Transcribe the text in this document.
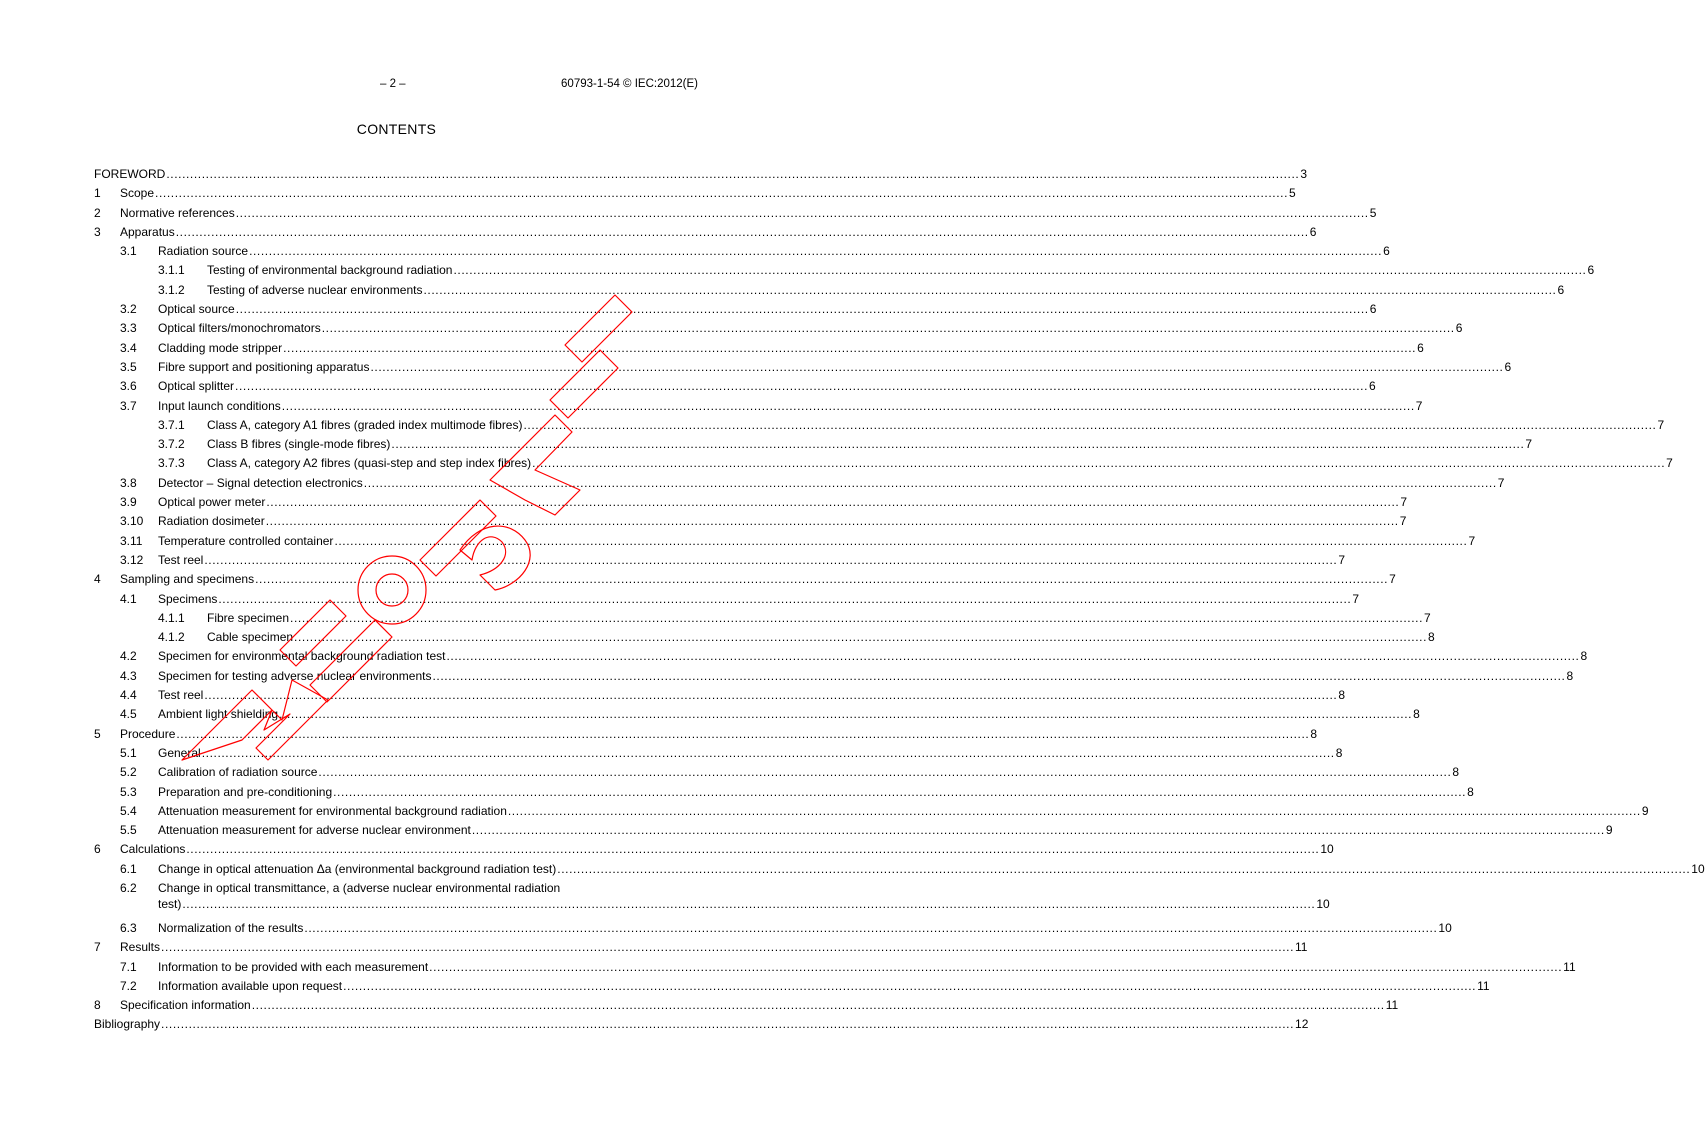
– 2 –	60793-1-54 © IEC:2012(E)
CONTENTS
FOREWORD .....	3
1 Scope .....	5
2 Normative references .....	5
3 Apparatus .....	6
3.1 Radiation source .....	6
3.1.1 Testing of environmental background radiation .....	6
3.1.2 Testing of adverse nuclear environments .....	6
3.2 Optical source .....	6
3.3 Optical filters/monochromators .....	6
3.4 Cladding mode stripper .....	6
3.5 Fibre support and positioning apparatus .....	6
3.6 Optical splitter .....	6
3.7 Input launch conditions .....	7
3.7.1 Class A, category A1 fibres (graded index multimode fibres) .....	7
3.7.2 Class B fibres (single-mode fibres) .....	7
3.7.3 Class A, category A2 fibres (quasi-step and step index fibres) .....	7
3.8 Detector – Signal detection electronics .....	7
3.9 Optical power meter .....	7
3.10 Radiation dosimeter .....	7
3.11 Temperature controlled container .....	7
3.12 Test reel .....	7
4 Sampling and specimens .....	7
4.1 Specimens .....	7
4.1.1 Fibre specimen .....	7
4.1.2 Cable specimen .....	8
4.2 Specimen for environmental background radiation test .....	8
4.3 Specimen for testing adverse nuclear environments .....	8
4.4 Test reel .....	8
4.5 Ambient light shielding .....	8
5 Procedure .....	8
5.1 General .....	8
5.2 Calibration of radiation source .....	8
5.3 Preparation and pre-conditioning .....	8
5.4 Attenuation measurement for environmental background radiation .....	9
5.5 Attenuation measurement for adverse nuclear environment .....	9
6 Calculations .....	10
6.1 Change in optical attenuation Δa (environmental background radiation test) .....	10
6.2 Change in optical transmittance, a (adverse nuclear environmental radiation
test) .....	10
6.3 Normalization of the results .....	10
7 Results .....	11
7.1 Information to be provided with each measurement .....	11
7.2 Information available upon request .....	11
8 Specification information .....	11
Bibliography .....	12
